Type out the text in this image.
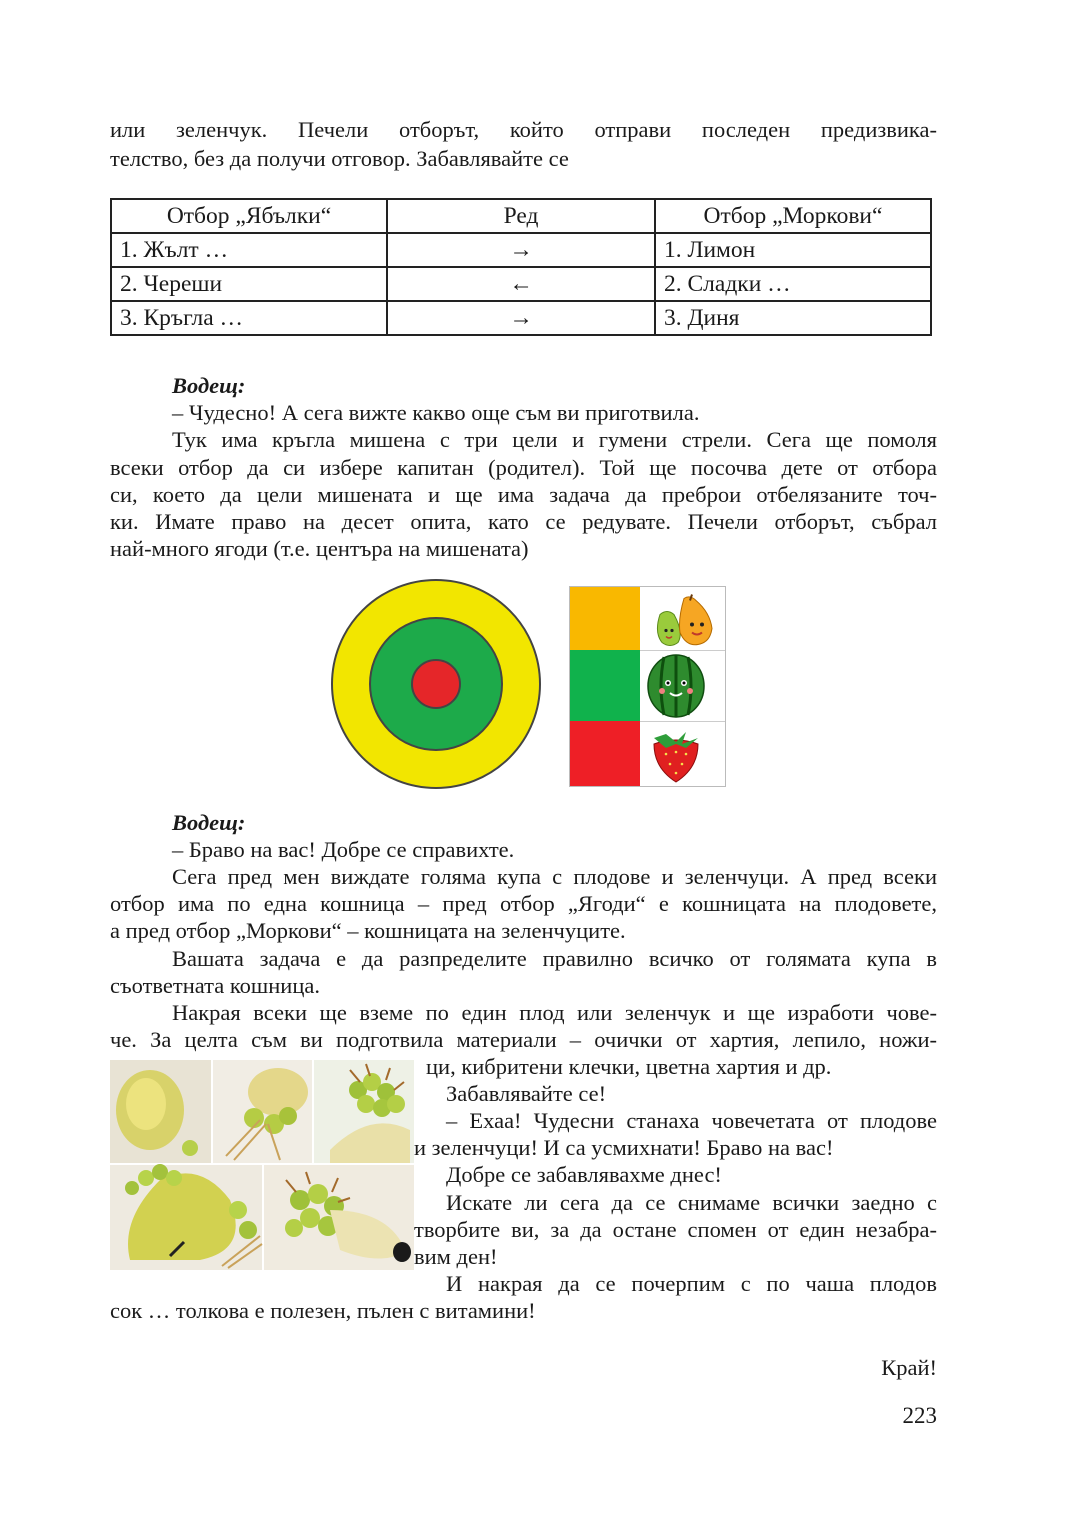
или зеленчук. Печели отборът, който отправи последен предизвика-

телство, без да получи отговор. Забавлявайте се

Отбор „Ябълки“	Ред	Отбор „Моркови“
1. Жълт …	→	1. Лимон
2. Череши	←	2. Сладки …
3. Кръгла …	→	3. Диня

Водещ:

– Чудесно! А сега вижте какво още съм ви приготвила.

Тук има кръгла мишена с три цели и гумени стрели. Сега ще помоля

всеки отбор да си избере капитан (родител). Той ще посочва дете от отбора

си, което да цели мишената и ще има задача да преброи отбелязаните точ-

ки. Имате право на десет опита, като се редувате. Печели отборът, събрал

най-много ягоди (т.е. центъра на мишената)

Водещ:

– Браво на вас! Добре се справихте.

Сега пред мен виждате голяма купа с плодове и зеленчуци. А пред всеки

отбор има по една кошница – пред отбор „Ягоди“ е кошницата на плодовете,

а пред отбор „Моркови“ – кошницата на зеленчуците.

Вашата задача е да разпределите правилно всичко от голямата купа в

съответната кошница.

Накрая всеки ще вземе по един плод или зеленчук и ще изработи чове-

че. За целта съм ви подготвила материали – очички от хартия, лепило, ножи-

ци, кибритени клечки, цветна хартия и др.

Забавлявайте се!

– Ехаа! Чудесни станаха човечетата от плодове

и зеленчуци! И са усмихнати! Браво на вас!

Добре се забавлявахме днес!

Искате ли сега да се снимаме всички заедно с

творбите ви, за да остане спомен от един незабра-

вим ден!

И накрая да се почерпим с по чаша плодов

сок … толкова е полезен, пълен с витамини!

Край!

223
